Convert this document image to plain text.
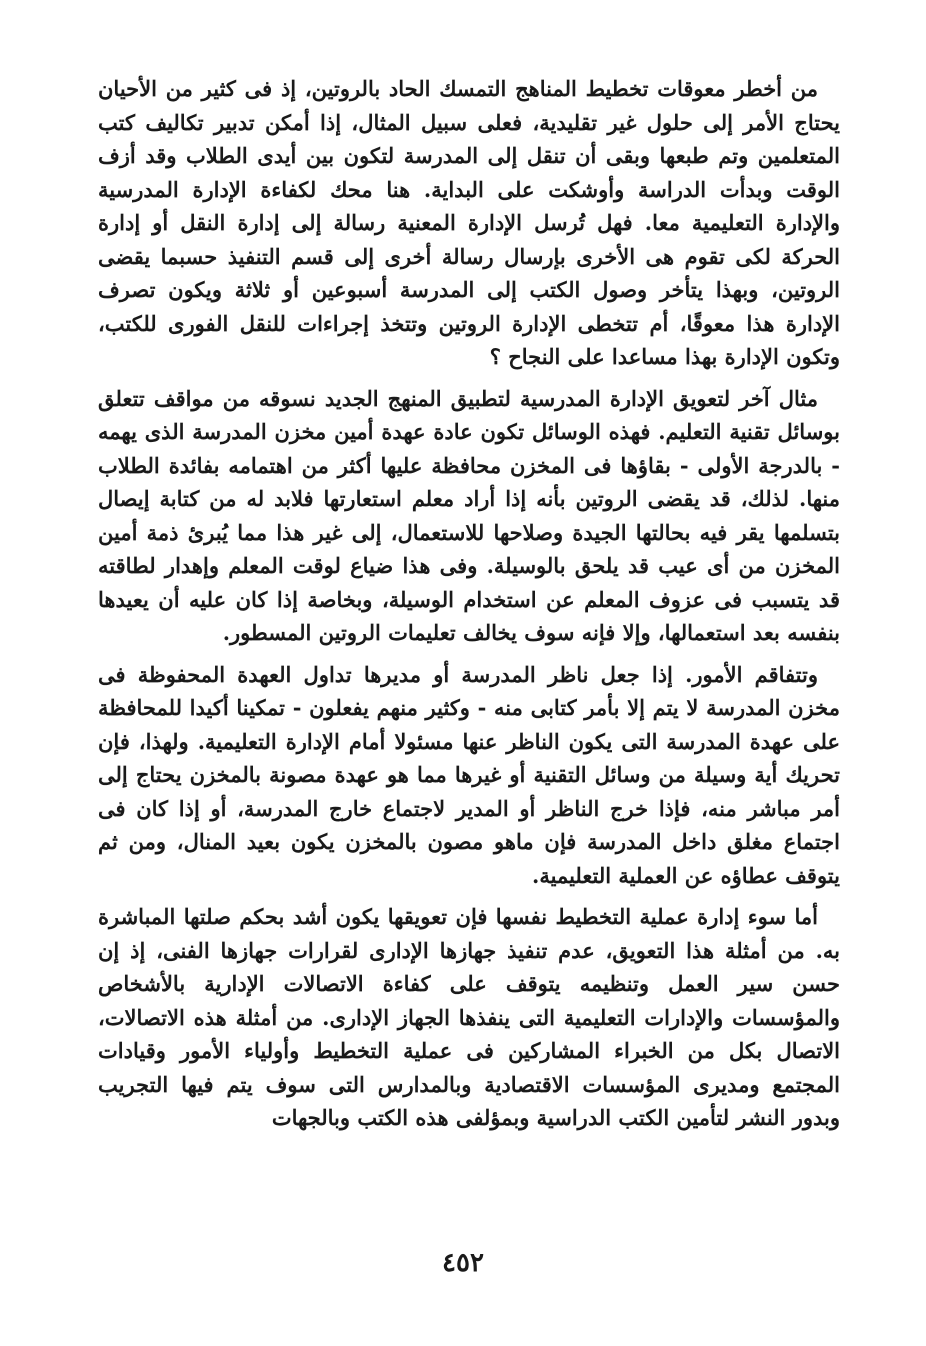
من أخطر معوقات تخطيط المناهج التمسك الحاد بالروتين، إذ فى كثير من الأحيان يحتاج الأمر إلى حلول غير تقليدية، فعلى سبيل المثال، إذا أمكن تدبير تكاليف كتب المتعلمين وتم طبعها وبقى أن تنقل إلى المدرسة لتكون بين أيدى الطلاب وقد أزف الوقت وبدأت الدراسة وأوشكت على البداية. هنا محك لكفاءة الإدارة المدرسية والإدارة التعليمية معا. فهل تُرسل الإدارة المعنية رسالة إلى إدارة النقل أو إدارة الحركة لكى تقوم هى الأخرى بإرسال رسالة أخرى إلى قسم التنفيذ حسبما يقضى الروتين، وبهذا يتأخر وصول الكتب إلى المدرسة أسبوعين أو ثلاثة ويكون تصرف الإدارة هذا معوقًا، أم تتخطى الإدارة الروتين وتتخذ إجراءات للنقل الفورى للكتب، وتكون الإدارة بهذا مساعدا على النجاح ؟

مثال آخر لتعويق الإدارة المدرسية لتطبيق المنهج الجديد نسوقه من مواقف تتعلق بوسائل تقنية التعليم. فهذه الوسائل تكون عادة عهدة أمين مخزن المدرسة الذى يهمه - بالدرجة الأولى - بقاؤها فى المخزن محافظة عليها أكثر من اهتمامه بفائدة الطلاب منها. لذلك، قد يقضى الروتين بأنه إذا أراد معلم استعارتها فلابد له من كتابة إيصال بتسلمها يقر فيه بحالتها الجيدة وصلاحها للاستعمال، إلى غير هذا مما يُبرئ ذمة أمين المخزن من أى عيب قد يلحق بالوسيلة. وفى هذا ضياع لوقت المعلم وإهدار لطاقته قد يتسبب فى عزوف المعلم عن استخدام الوسيلة، وبخاصة إذا كان عليه أن يعيدها بنفسه بعد استعمالها، وإلا فإنه سوف يخالف تعليمات الروتين المسطور.

وتتفاقم الأمور. إذا جعل ناظر المدرسة أو مديرها تداول العهدة المحفوظة فى مخزن المدرسة لا يتم إلا بأمر كتابى منه - وكثير منهم يفعلون - تمكينا أكيدا للمحافظة على عهدة المدرسة التى يكون الناظر عنها مسئولا أمام الإدارة التعليمية. ولهذا، فإن تحريك أية وسيلة من وسائل التقنية أو غيرها مما هو عهدة مصونة بالمخزن يحتاج إلى أمر مباشر منه، فإذا خرج الناظر أو المدير لاجتماع خارج المدرسة، أو إذا كان فى اجتماع مغلق داخل المدرسة فإن ماهو مصون بالمخزن يكون بعيد المنال، ومن ثم يتوقف عطاؤه عن العملية التعليمية.

أما سوء إدارة عملية التخطيط نفسها فإن تعويقها يكون أشد بحكم صلتها المباشرة به. من أمثلة هذا التعويق، عدم تنفيذ جهازها الإدارى لقرارات جهازها الفنى، إذ إن حسن سير العمل وتنظيمه يتوقف على كفاءة الاتصالات الإدارية بالأشخاص والمؤسسات والإدارات التعليمية التى ينفذها الجهاز الإدارى. من أمثلة هذه الاتصالات، الاتصال بكل من الخبراء المشاركين فى عملية التخطيط وأولياء الأمور وقيادات المجتمع ومديرى المؤسسات الاقتصادية وبالمدارس التى سوف يتم فيها التجريب وبدور النشر لتأمين الكتب الدراسية وبمؤلفى هذه الكتب وبالجهات

٤٥٢
